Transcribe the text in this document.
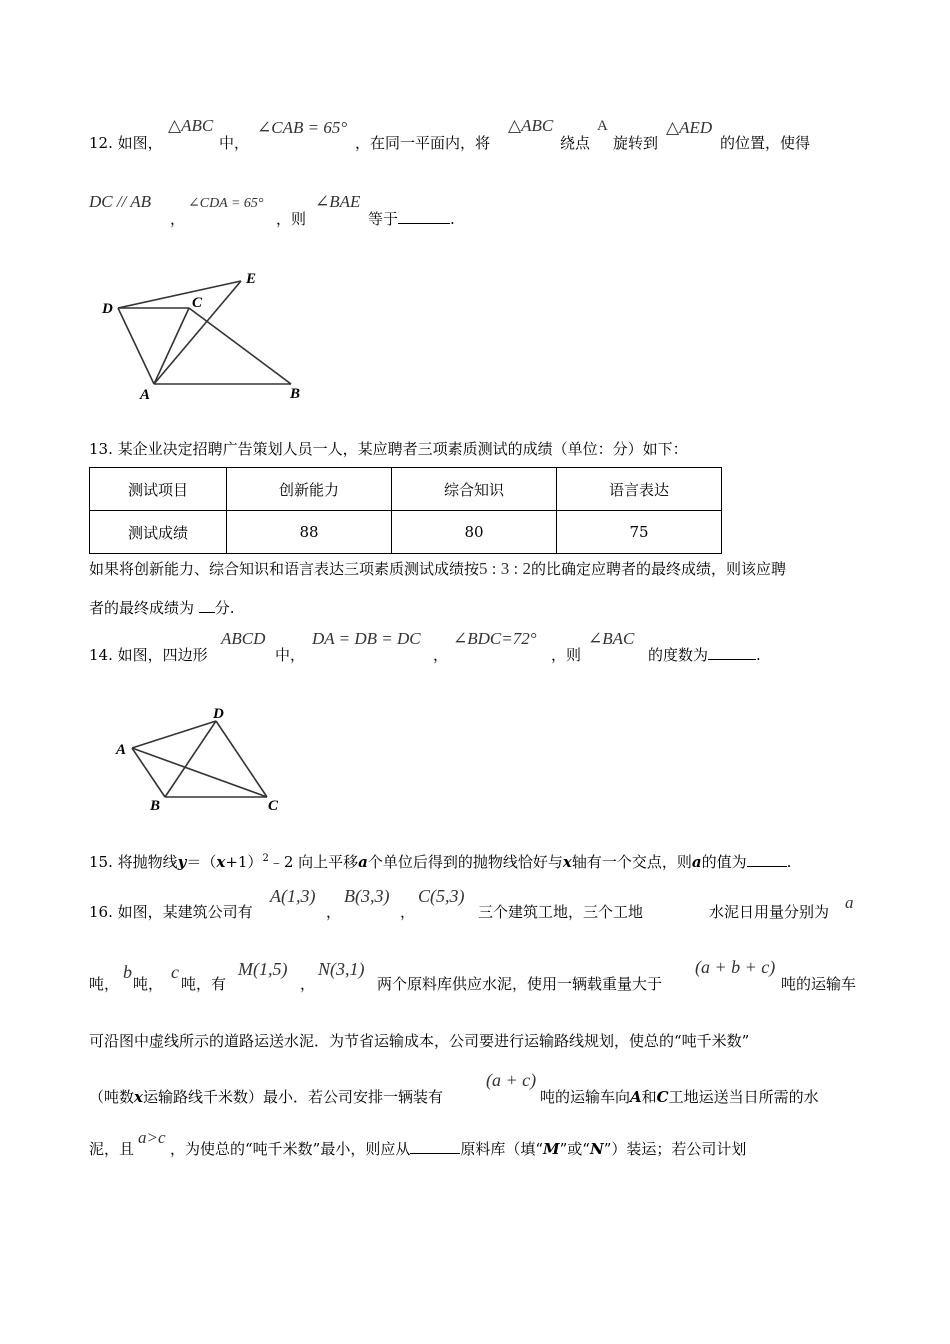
12. 如图，
△ABC
中，
∠CAB = 65°
，在同一平面内，将
△ABC
绕点
A
旋转到
△AED
的位置，使得
DC // AB
，
∠CDA = 65°
，则
∠BAE
等于	.
D	C
E
A	B
13. 某企业决定招聘广告策划人员一人，某应聘者三项素质测试的成绩（单位：分）如下：
测试项目	创新能力	综合知识	语言表达
测试成绩	88	80	75
如果将创新能力、综合知识和语言表达三项素质测试成绩按5 : 3 : 2的比确定应聘者的最终成绩，则该应聘
者的最终成绩为 分.
14. 如图，四边形
ABCD
中，
DA = DB = DC
，
∠BDC=72°
，则
∠BAC
的度数为	.
D
A
B	C
15. 将抛物线$y=(x+1)^2﹣2$ 向上平移a个单位后得到的抛物线恰好与x轴有一个交点，则a的值为	.
16. 如图，某建筑公司有
A(1,3)
，
B(3,3)
，
C(5,3)
三个建筑工地，三个工地	水泥日用量分别为 a
吨，
b
吨，
c
吨，有
M(1,5)
，
N(3,1)
两个原料库供应水泥，使用一辆载重量大于
(a + b + c)
吨的运输车
可沿图中虚线所示的道路运送水泥．为节省运输成本，公司要进行运输路线规划，使总的“吨千米数”
（吨数x运输路线千米数）最小．若公司安排一辆装有
(a + c)
吨的运输车向A和C工地运送当日所需的水
泥，且
a>c
，为使总的“吨千米数”最小，则应从	原料库（填“M”或“N”）装运；若公司计划
